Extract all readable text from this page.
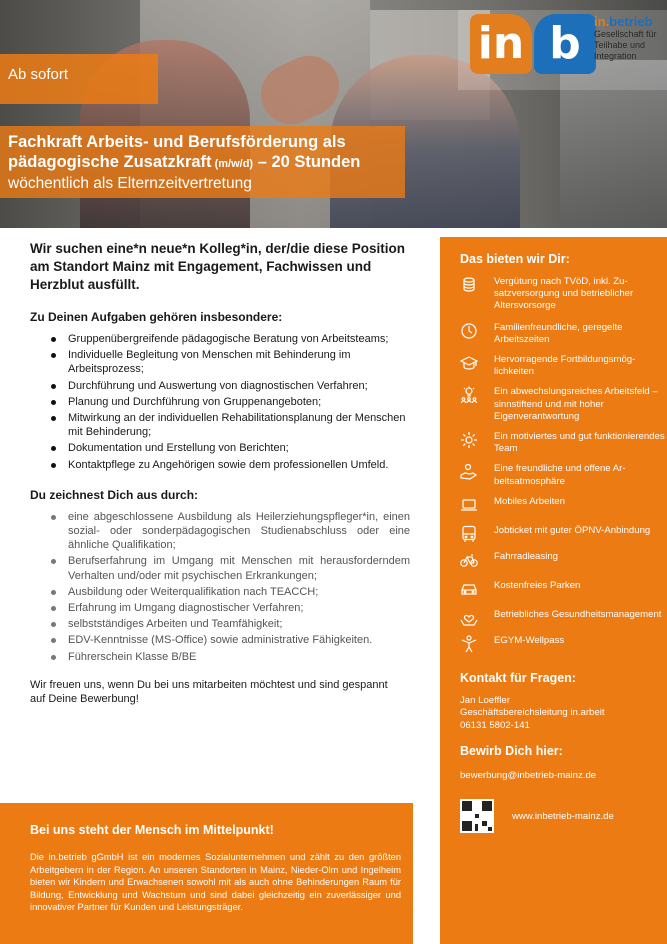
Ab sofort
Fachkraft Arbeits- und Berufsförderung als pädagogische Zusatzkraft (m/w/d) – 20 Stunden
wöchentlich als Elternzeitvertretung
in b	in.betrieb
Gesellschaft für Teilhabe und Integration
Wir suchen eine*n neue*n Kolleg*in, der/die diese Position am Standort Mainz mit Engagement, Fachwissen und Herzblut ausfüllt.
Zu Deinen Aufgaben gehören insbesondere:
Gruppenübergreifende pädagogische Beratung von Arbeitsteams;
Individuelle Begleitung von Menschen mit Behinderung im Arbeitsprozess;
Durchführung und Auswertung von diagnostischen Verfahren;
Planung und Durchführung von Gruppenangeboten;
Mitwirkung an der individuellen Rehabilitationsplanung der Menschen mit Behinderung;
Dokumentation und Erstellung von Berichten;
Kontaktpflege zu Angehörigen sowie dem professionellen Umfeld.
Du zeichnest Dich aus durch:
eine abgeschlossene Ausbildung als Heilerziehungspfleger*in, einen sozial- oder sonderpädagogischen Studienabschluss oder eine ähnliche Qualifikation;
Berufserfahrung im Umgang mit Menschen mit herausforderndem Verhalten und/oder mit psychischen Erkrankungen;
Ausbildung oder Weiterqualifikation nach TEACCH;
Erfahrung im Umgang diagnostischer Verfahren;
selbstständiges Arbeiten und Teamfähigkeit;
EDV-Kenntnisse (MS-Office) sowie administrative Fähigkeiten.
Führerschein Klasse B/BE

Wir freuen uns, wenn Du bei uns mitarbeiten möchtest und sind gespannt auf Deine Bewerbung!

Bei uns steht der Mensch im Mittelpunkt!

Die in.betrieb gGmbH ist ein modernes Sozialunternehmen und zählt zu den größten Arbeitgebern in der Region. An unseren Standorten in Mainz, Nieder-Olm und Ingelheim bieten wir Kindern und Erwachsenen sowohl mit als auch ohne Behinderungen Raum für Bildung, Entwicklung und Wachstum und sind dabei gleichzeitig ein zuverlässiger und innovativer Partner für Kunden und Leistungsträger.

Das bieten wir Dir:
Vergütung nach TVöD, inkl. Zusatzversorgung und betrieblicher Altersvorsorge
Familienfreundliche, geregelte Arbeitszeiten
Hervorragende Fortbildungsmöglichkeiten
Ein abwechslungsreiches Arbeitsfeld – sinnstiftend und mit hoher Eigenverantwortung
Ein motiviertes und gut funktionierendes Team
Eine freundliche und offene Arbeitsatmosphäre
Mobiles Arbeiten
Jobticket mit guter ÖPNV-Anbindung
Fahrradleasing
Kostenfreies Parken
Betriebliches Gesundheitsmanagement
EGYM-Wellpass
Kontakt für Fragen:

Jan Loeffler
Geschäftsbereichsleitung in.arbeit
06131 5802-141

Bewirb Dich hier:
bewerbung@inbetrieb-mainz.de
www.inbetrieb-mainz.de
